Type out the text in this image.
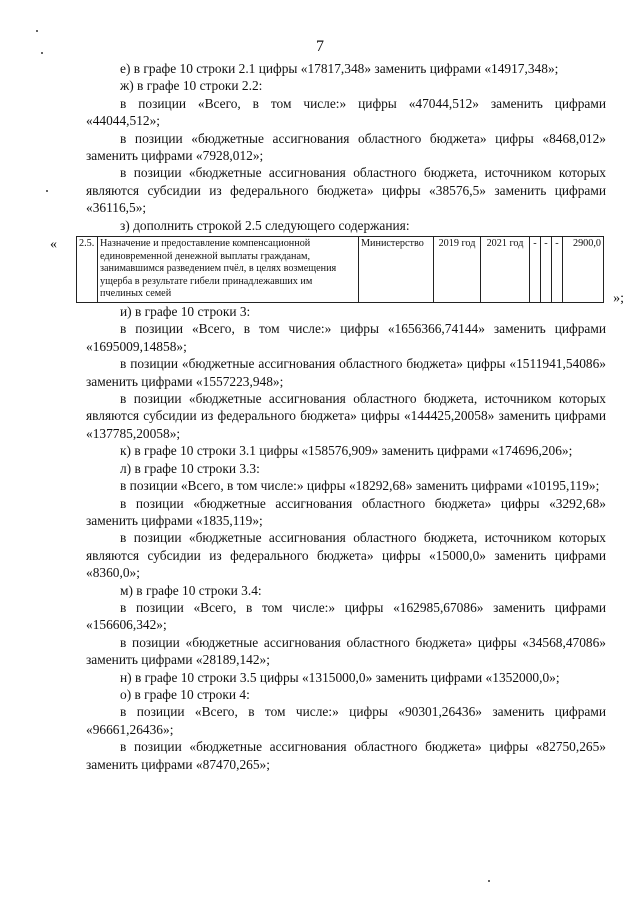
7

е) в графе 10 строки 2.1 цифры «17817,348» заменить цифрами «14917,348»;

ж) в графе 10 строки 2.2:

в позиции «Всего, в том числе:» цифры «47044,512» заменить цифрами «44044,512»;

в позиции «бюджетные ассигнования областного бюджета» цифры «8468,012» заменить цифрами «7928,012»;

в позиции «бюджетные ассигнования областного бюджета, источником которых являются субсидии из федерального бюджета» цифры «38576,5» заменить цифрами «36116,5»;

з) дополнить строкой 2.5 следующего содержания:

« 2.5.	Назначение и предоставление компенсационной единовременной денежной выплаты гражданам, занимавшимся разведением пчёл, в целях возмещения ущерба в результате гибели принадлежавших им пчелиных семей	Министерство	2019 год	2021 год	-	-	-	2900,0
»;

и) в графе 10 строки 3:

в позиции «Всего, в том числе:» цифры «1656366,74144» заменить цифрами «1695009,14858»;

в позиции «бюджетные ассигнования областного бюджета» цифры «1511941,54086» заменить цифрами «1557223,948»;

в позиции «бюджетные ассигнования областного бюджета, источником которых являются субсидии из федерального бюджета» цифры «144425,20058» заменить цифрами «137785,20058»;

к) в графе 10 строки 3.1 цифры «158576,909» заменить цифрами «174696,206»;

л) в графе 10 строки 3.3:

в позиции «Всего, в том числе:» цифры «18292,68» заменить цифрами «10195,119»;

в позиции «бюджетные ассигнования областного бюджета» цифры «3292,68» заменить цифрами «1835,119»;

в позиции «бюджетные ассигнования областного бюджета, источником которых являются субсидии из федерального бюджета» цифры «15000,0» заменить цифрами «8360,0»;

м) в графе 10 строки 3.4:

в позиции «Всего, в том числе:» цифры «162985,67086» заменить цифрами «156606,342»;

в позиции «бюджетные ассигнования областного бюджета» цифры «34568,47086» заменить цифрами «28189,142»;

н) в графе 10 строки 3.5 цифры «1315000,0» заменить цифрами «1352000,0»;

о) в графе 10 строки 4:

в позиции «Всего, в том числе:» цифры «90301,26436» заменить цифрами «96661,26436»;

в позиции «бюджетные ассигнования областного бюджета» цифры «82750,265» заменить цифрами «87470,265»;
